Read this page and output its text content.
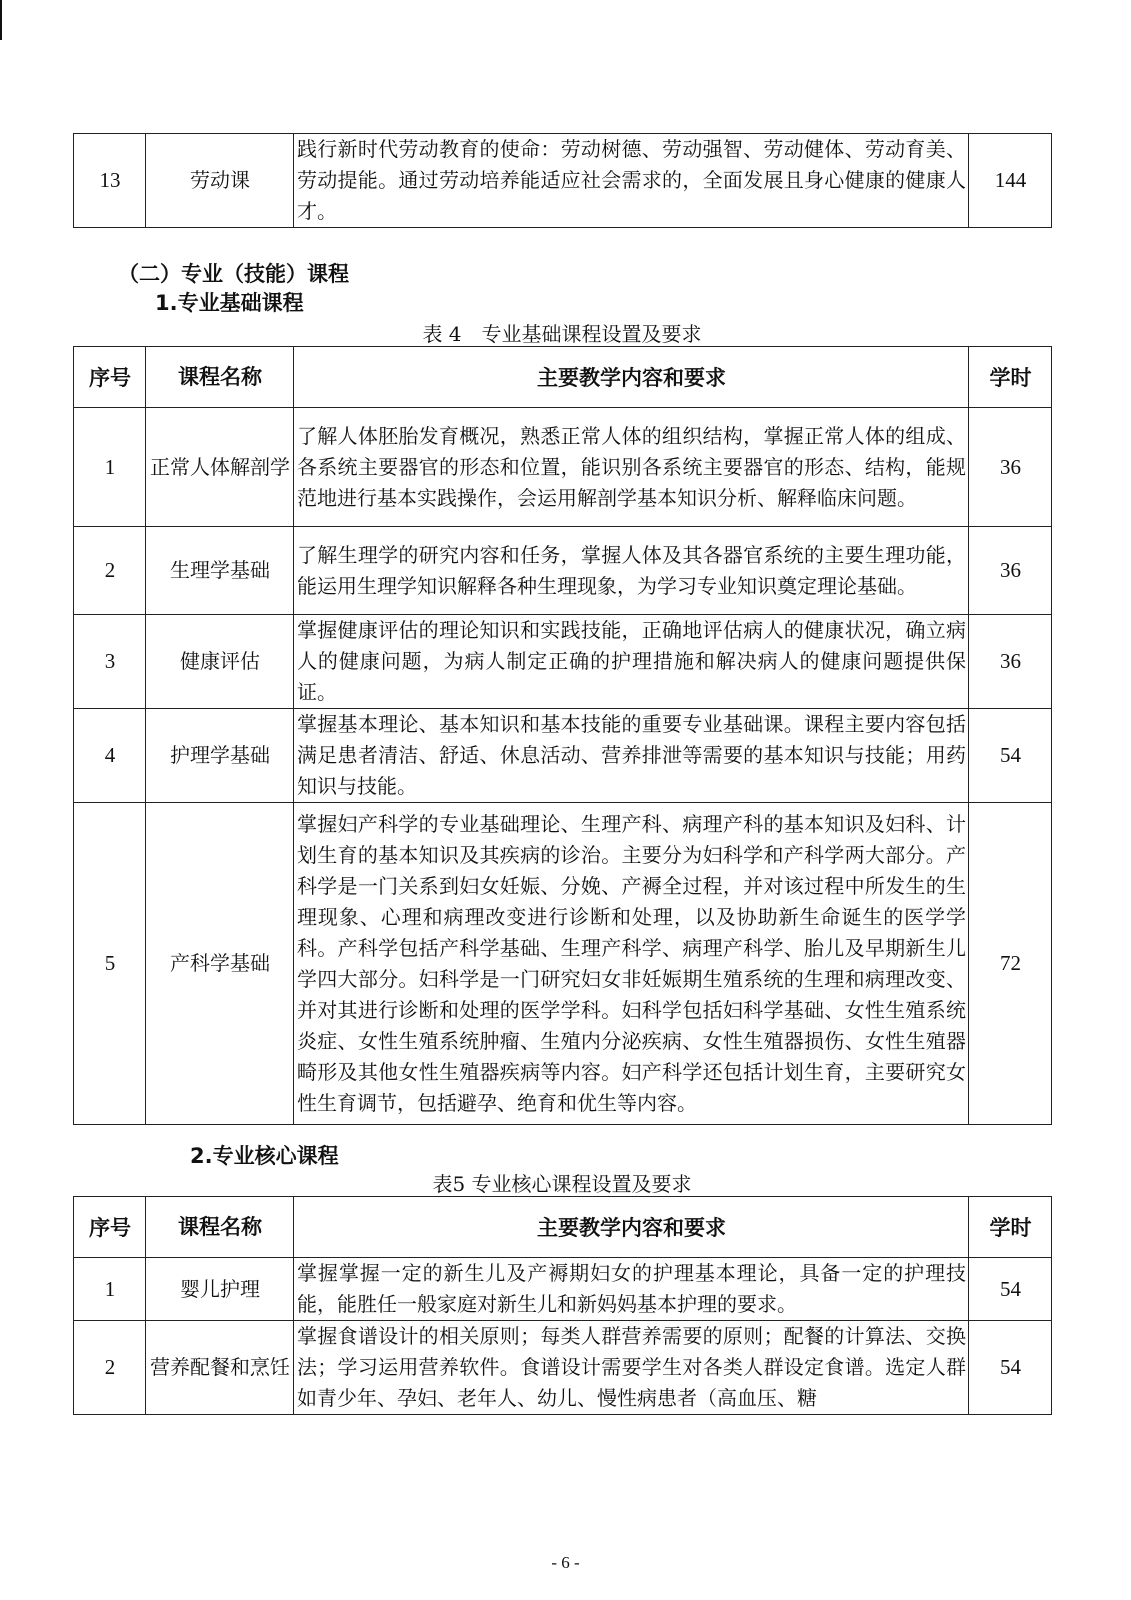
13	劳动课	践行新时代劳动教育的使命：劳动树德、劳动强智、劳动健体、劳动育美、劳动提能。通过劳动培养能适应社会需求的，全面发展且身心健康的健康人才。	144
（二）专业（技能）课程
1.专业基础课程
表 4　专业基础课程设置及要求
序号	课程名称	主要教学内容和要求	学时
1	正常人体解剖学	了解人体胚胎发育概况，熟悉正常人体的组织结构，掌握正常人体的组成、各系统主要器官的形态和位置，能识别各系统主要器官的形态、结构，能规范地进行基本实践操作，会运用解剖学基本知识分析、解释临床问题。	36
2	生理学基础	了解生理学的研究内容和任务，掌握人体及其各器官系统的主要生理功能，能运用生理学知识解释各种生理现象，为学习专业知识奠定理论基础。	36
3	健康评估	掌握健康评估的理论知识和实践技能，正确地评估病人的健康状况，确立病人的健康问题，为病人制定正确的护理措施和解决病人的健康问题提供保证。	36
4	护理学基础	掌握基本理论、基本知识和基本技能的重要专业基础课。课程主要内容包括满足患者清洁、舒适、休息活动、营养排泄等需要的基本知识与技能；用药知识与技能。	54
5	产科学基础	掌握妇产科学的专业基础理论、生理产科、病理产科的基本知识及妇科、计划生育的基本知识及其疾病的诊治。主要分为妇科学和产科学两大部分。产科学是一门关系到妇女妊娠、分娩、产褥全过程，并对该过程中所发生的生理现象、心理和病理改变进行诊断和处理，以及协助新生命诞生的医学学科。产科学包括产科学基础、生理产科学、病理产科学、胎儿及早期新生儿学四大部分。妇科学是一门研究妇女非妊娠期生殖系统的生理和病理改变、并对其进行诊断和处理的医学学科。妇科学包括妇科学基础、女性生殖系统炎症、女性生殖系统肿瘤、生殖内分泌疾病、女性生殖器损伤、女性生殖器畸形及其他女性生殖器疾病等内容。妇产科学还包括计划生育，主要研究女性生育调节，包括避孕、绝育和优生等内容。	72
2.专业核心课程
表5 专业核心课程设置及要求
序号	课程名称	主要教学内容和要求	学时
1	婴儿护理	掌握掌握一定的新生儿及产褥期妇女的护理基本理论，具备一定的护理技能，能胜任一般家庭对新生儿和新妈妈基本护理的要求。	54
2	营养配餐和烹饪	掌握食谱设计的相关原则；每类人群营养需要的原则；配餐的计算法、交换法；学习运用营养软件。食谱设计需要学生对各类人群设定食谱。选定人群如青少年、孕妇、老年人、幼儿、慢性病患者（高血压、糖	54
- 6 -
